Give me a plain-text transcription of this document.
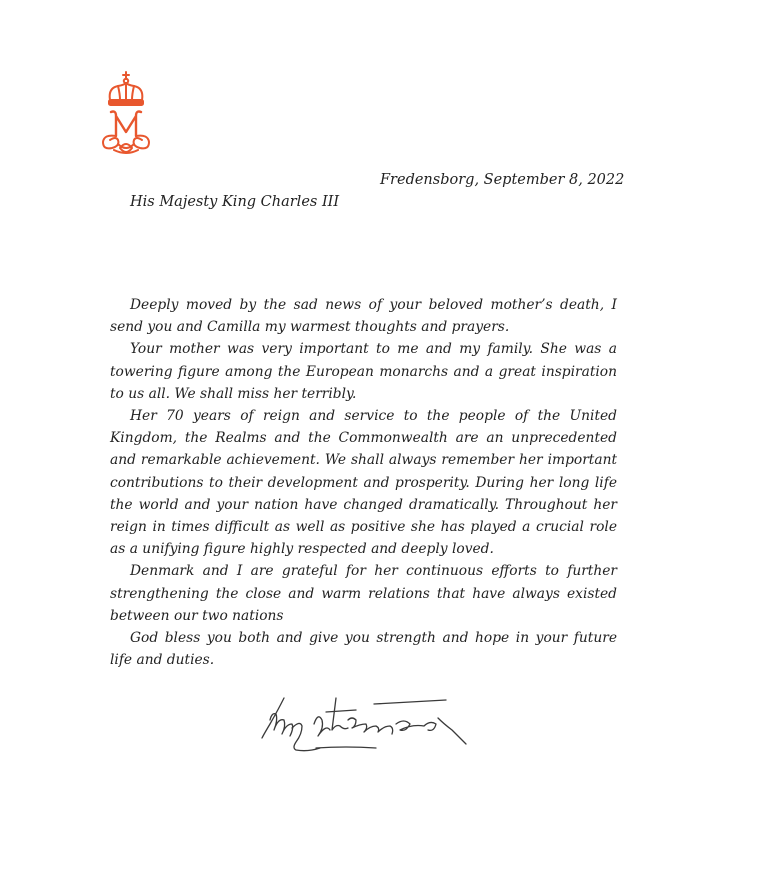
Fredensborg, September 8, 2022
His Majesty King Charles III

Deeply moved by the sad news of your beloved mother’s death, I send you and Camilla my warmest thoughts and prayers.

Your mother was very important to me and my family. She was a towering figure among the European monarchs and a great inspiration to us all. We shall miss her terribly.

Her 70 years of reign and service to the people of the United Kingdom, the Realms and the Commonwealth are an unprecedented and remarkable achievement. We shall always remember her important contributions to their development and prosperity. During her long life the world and your nation have changed dramatically. Throughout her reign in times difficult as well as positive she has played a crucial role as a unifying figure highly respected and deeply loved.

Denmark and I are grateful for her continuous efforts to further strengthening the close and warm relations that have always existed between our two nations

God bless you both and give you strength and hope in your future life and duties.
